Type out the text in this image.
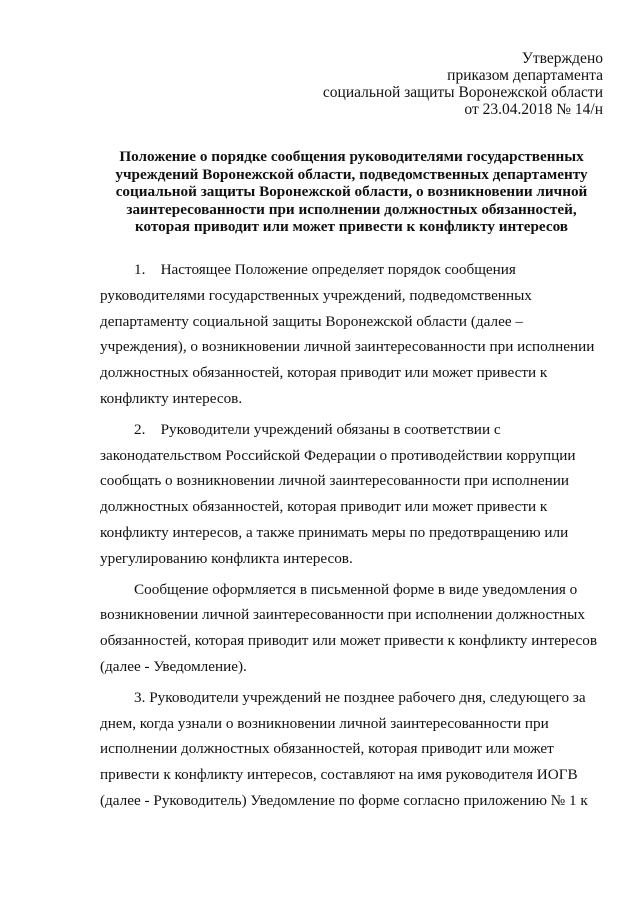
Утверждено
приказом департамента
социальной защиты Воронежской области
от 23.04.2018 № 14/н
Положение о порядке сообщения руководителями государственных
учреждений Воронежской области, подведомственных департаменту
социальной защиты Воронежской области, о возникновении личной
заинтересованности при исполнении должностных обязанностей,
которая приводит или может привести к конфликту интересов

1.    Настоящее Положение определяет порядок сообщения

руководителями государственных учреждений, подведомственных

департаменту социальной защиты Воронежской области (далее –

учреждения), о возникновении личной заинтересованности при исполнении

должностных обязанностей, которая приводит или может привести к

конфликту интересов.

2.    Руководители учреждений обязаны в соответствии с

законодательством Российской Федерации о противодействии коррупции

сообщать о возникновении личной заинтересованности при исполнении

должностных обязанностей, которая приводит или может привести к

конфликту интересов, а также принимать меры по предотвращению или

урегулированию конфликта интересов.

Сообщение оформляется в письменной форме в виде уведомления о

возникновении личной заинтересованности при исполнении должностных

обязанностей, которая приводит или может привести к конфликту интересов

(далее - Уведомление).

3. Руководители учреждений не позднее рабочего дня, следующего за

днем, когда узнали о возникновении личной заинтересованности при

исполнении должностных обязанностей, которая приводит или может

привести к конфликту интересов, составляют на имя руководителя ИОГВ

(далее - Руководитель) Уведомление по форме согласно приложению № 1 к
